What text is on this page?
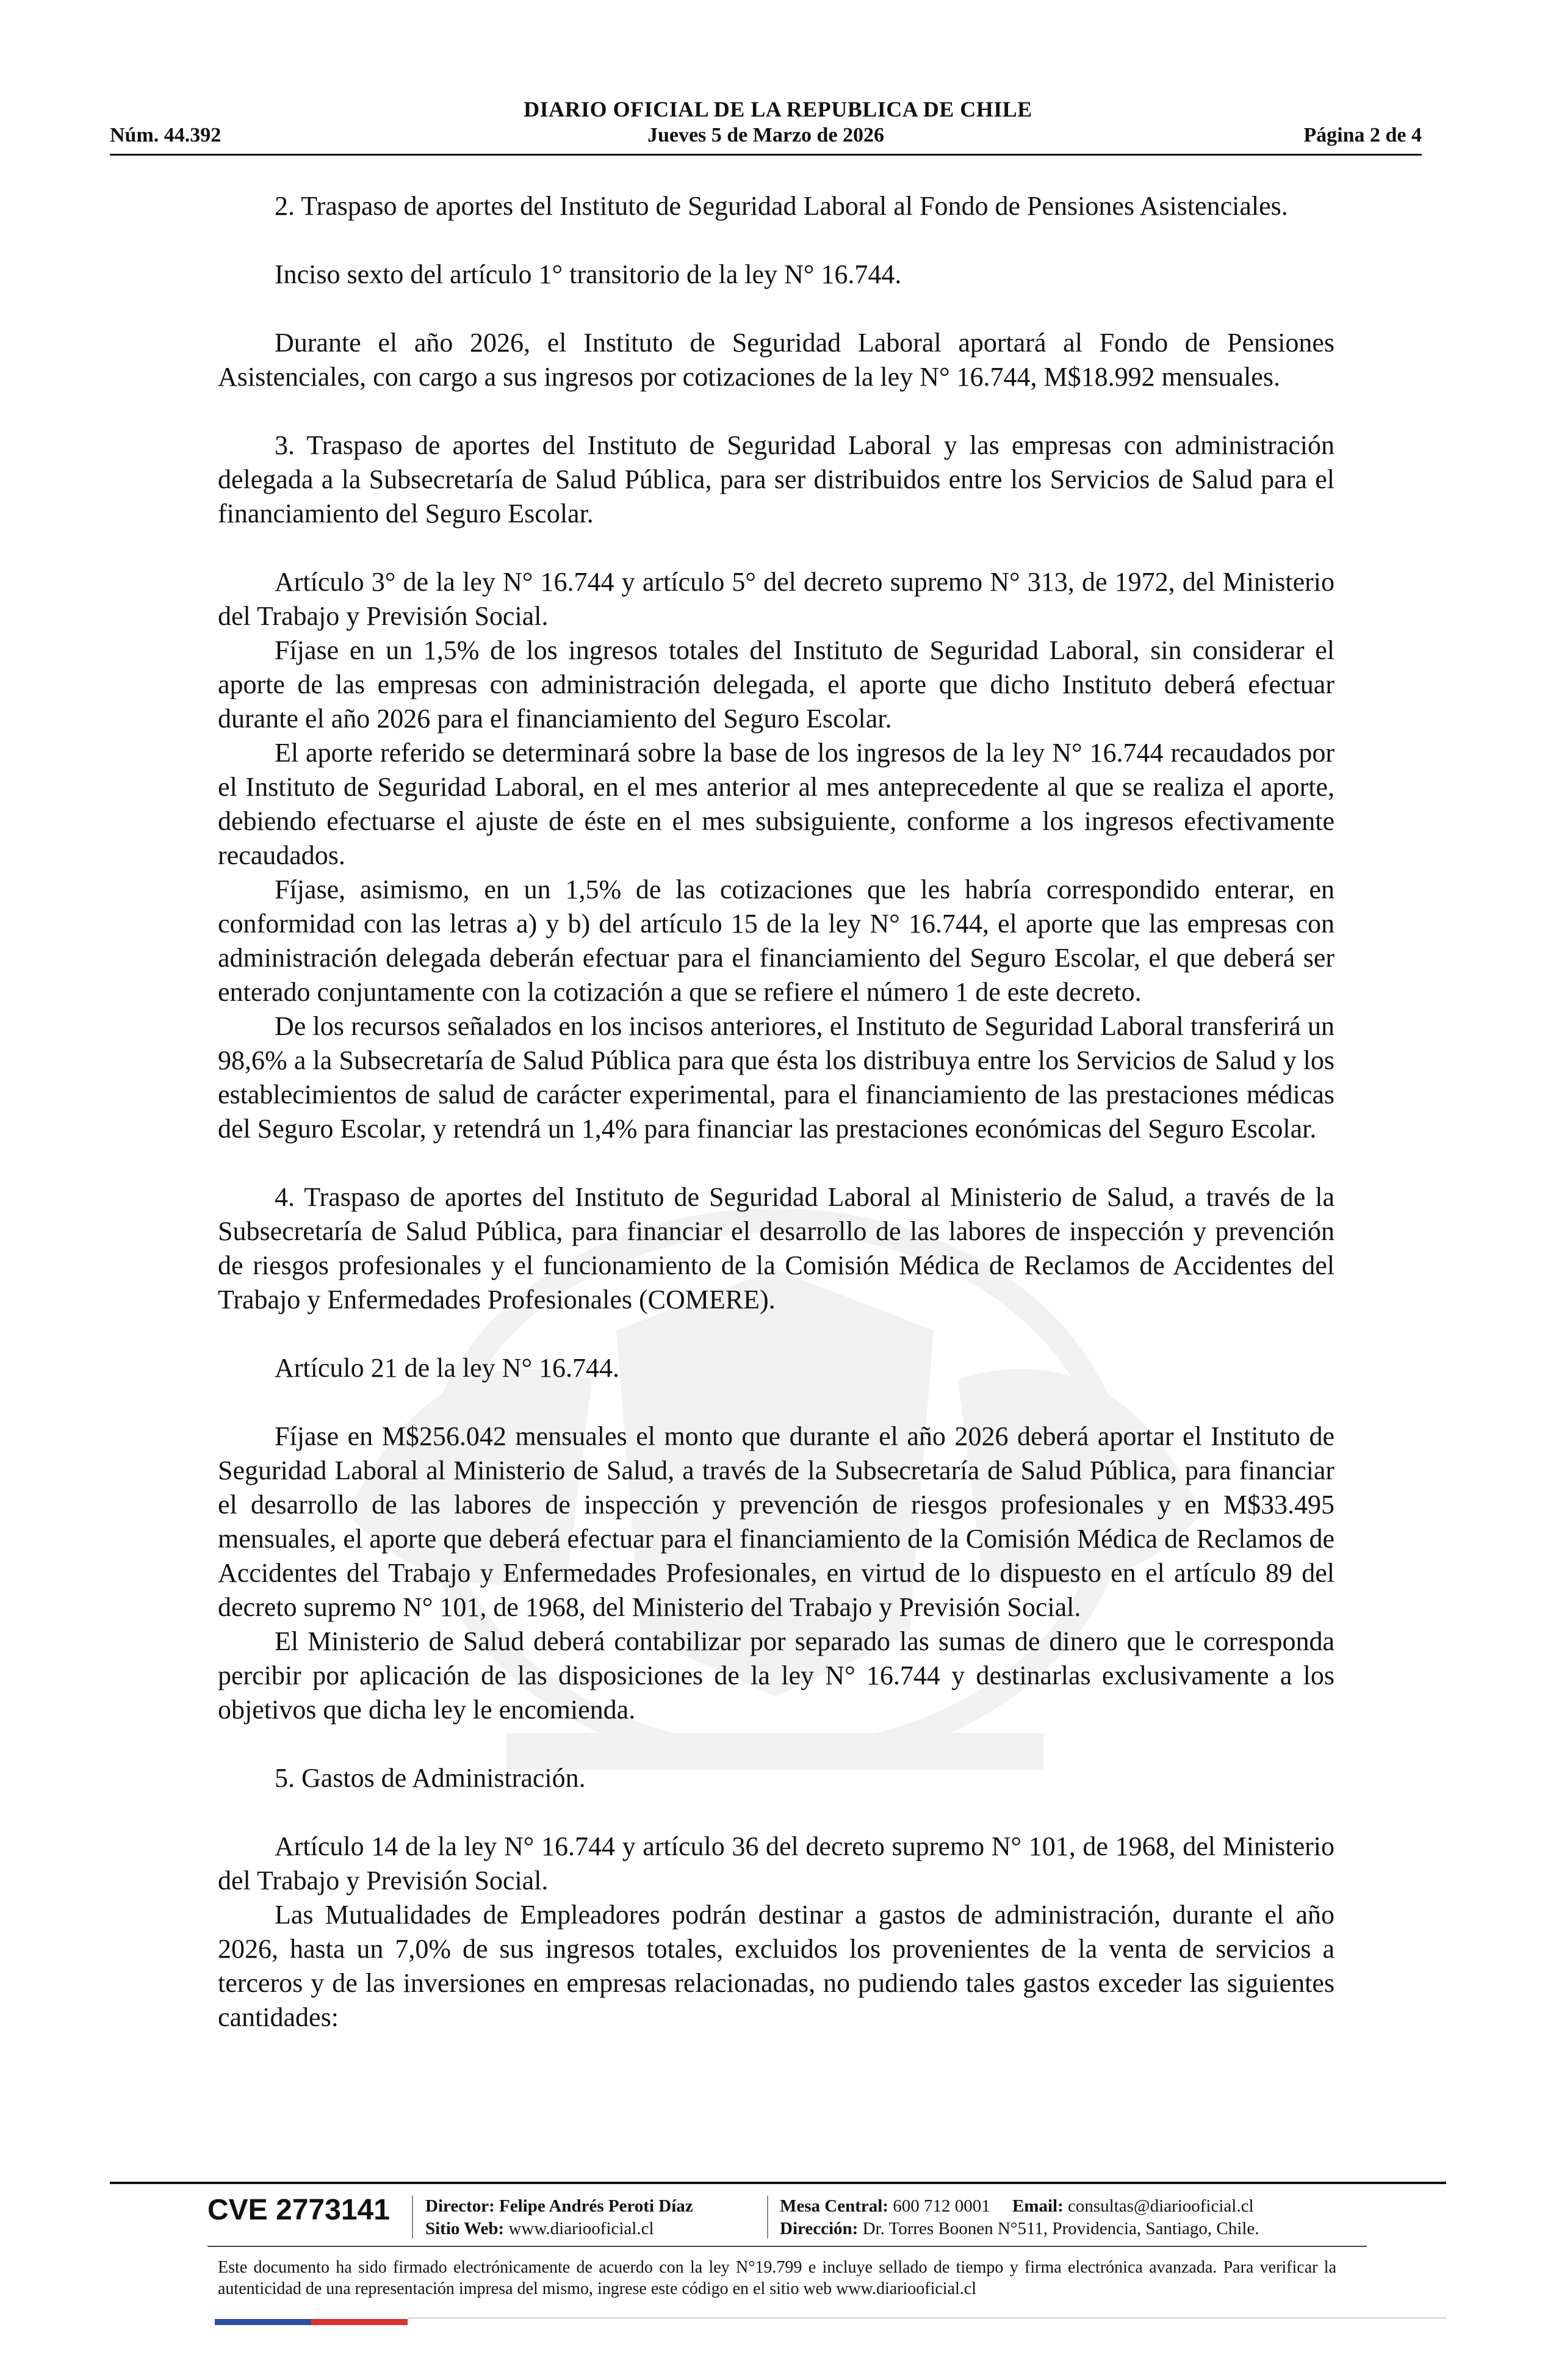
DIARIO OFICIAL DE LA REPUBLICA DE CHILE
Núm. 44.392	Jueves 5 de Marzo de 2026	Página 2 de 4

2. Traspaso de aportes del Instituto de Seguridad Laboral al Fondo de Pensiones Asistenciales.

Inciso sexto del artículo 1° transitorio de la ley N° 16.744.

Durante el año 2026, el Instituto de Seguridad Laboral aportará al Fondo de Pensiones Asistenciales, con cargo a sus ingresos por cotizaciones de la ley N° 16.744, M$18.992 mensuales.

3. Traspaso de aportes del Instituto de Seguridad Laboral y las empresas con administración delegada a la Subsecretaría de Salud Pública, para ser distribuidos entre los Servicios de Salud para el financiamiento del Seguro Escolar.

Artículo 3° de la ley N° 16.744 y artículo 5° del decreto supremo N° 313, de 1972, del Ministerio del Trabajo y Previsión Social.

Fíjase en un 1,5% de los ingresos totales del Instituto de Seguridad Laboral, sin considerar el aporte de las empresas con administración delegada, el aporte que dicho Instituto deberá efectuar durante el año 2026 para el financiamiento del Seguro Escolar.

El aporte referido se determinará sobre la base de los ingresos de la ley N° 16.744 recaudados por el Instituto de Seguridad Laboral, en el mes anterior al mes anteprecedente al que se realiza el aporte, debiendo efectuarse el ajuste de éste en el mes subsiguiente, conforme a los ingresos efectivamente recaudados.

Fíjase, asimismo, en un 1,5% de las cotizaciones que les habría correspondido enterar, en conformidad con las letras a) y b) del artículo 15 de la ley N° 16.744, el aporte que las empresas con administración delegada deberán efectuar para el financiamiento del Seguro Escolar, el que deberá ser enterado conjuntamente con la cotización a que se refiere el número 1 de este decreto.

De los recursos señalados en los incisos anteriores, el Instituto de Seguridad Laboral transferirá un 98,6% a la Subsecretaría de Salud Pública para que ésta los distribuya entre los Servicios de Salud y los establecimientos de salud de carácter experimental, para el financiamiento de las prestaciones médicas del Seguro Escolar, y retendrá un 1,4% para financiar las prestaciones económicas del Seguro Escolar.

4. Traspaso de aportes del Instituto de Seguridad Laboral al Ministerio de Salud, a través de la Subsecretaría de Salud Pública, para financiar el desarrollo de las labores de inspección y prevención de riesgos profesionales y el funcionamiento de la Comisión Médica de Reclamos de Accidentes del Trabajo y Enfermedades Profesionales (COMERE).

Artículo 21 de la ley N° 16.744.

Fíjase en M$256.042 mensuales el monto que durante el año 2026 deberá aportar el Instituto de Seguridad Laboral al Ministerio de Salud, a través de la Subsecretaría de Salud Pública, para financiar el desarrollo de las labores de inspección y prevención de riesgos profesionales y en M$33.495 mensuales, el aporte que deberá efectuar para el financiamiento de la Comisión Médica de Reclamos de Accidentes del Trabajo y Enfermedades Profesionales, en virtud de lo dispuesto en el artículo 89 del decreto supremo N° 101, de 1968, del Ministerio del Trabajo y Previsión Social.

El Ministerio de Salud deberá contabilizar por separado las sumas de dinero que le corresponda percibir por aplicación de las disposiciones de la ley N° 16.744 y destinarlas exclusivamente a los objetivos que dicha ley le encomienda.

5. Gastos de Administración.

Artículo 14 de la ley N° 16.744 y artículo 36 del decreto supremo N° 101, de 1968, del Ministerio del Trabajo y Previsión Social.

Las Mutualidades de Empleadores podrán destinar a gastos de administración, durante el año 2026, hasta un 7,0% de sus ingresos totales, excluidos los provenientes de la venta de servicios a terceros y de las inversiones en empresas relacionadas, no pudiendo tales gastos exceder las siguientes cantidades:

CVE 2773141 Director: Felipe Andrés Peroti Díaz
Sitio Web: www.diariooficial.cl
Mesa Central: 600 712 0001 Email: consultas@diariooficial.cl
Dirección: Dr. Torres Boonen N°511, Providencia, Santiago, Chile.
Este documento ha sido firmado electrónicamente de acuerdo con la ley N°19.799 e incluye sellado de tiempo y firma electrónica avanzada. Para verificar la autenticidad de una representación impresa del mismo, ingrese este código en el sitio web www.diariooficial.cl
